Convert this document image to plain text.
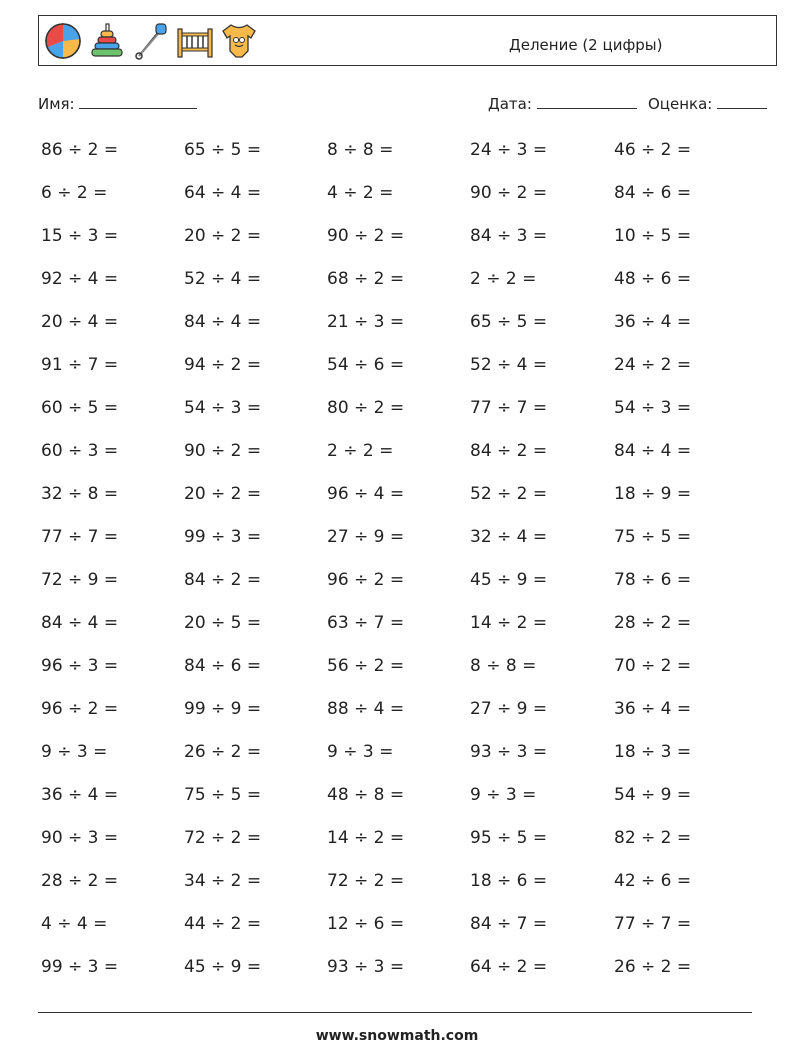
Деление (2 цифры)
Имя:	Дата:	Оценка:
86 ÷ 2 =	65 ÷ 5 =	8 ÷ 8 =	24 ÷ 3 =	46 ÷ 2 =
6 ÷ 2 =	64 ÷ 4 =	4 ÷ 2 =	90 ÷ 2 =	84 ÷ 6 =
15 ÷ 3 =	20 ÷ 2 =	90 ÷ 2 =	84 ÷ 3 =	10 ÷ 5 =
92 ÷ 4 =	52 ÷ 4 =	68 ÷ 2 =	2 ÷ 2 =	48 ÷ 6 =
20 ÷ 4 =	84 ÷ 4 =	21 ÷ 3 =	65 ÷ 5 =	36 ÷ 4 =
91 ÷ 7 =	94 ÷ 2 =	54 ÷ 6 =	52 ÷ 4 =	24 ÷ 2 =
60 ÷ 5 =	54 ÷ 3 =	80 ÷ 2 =	77 ÷ 7 =	54 ÷ 3 =
60 ÷ 3 =	90 ÷ 2 =	2 ÷ 2 =	84 ÷ 2 =	84 ÷ 4 =
32 ÷ 8 =	20 ÷ 2 =	96 ÷ 4 =	52 ÷ 2 =	18 ÷ 9 =
77 ÷ 7 =	99 ÷ 3 =	27 ÷ 9 =	32 ÷ 4 =	75 ÷ 5 =
72 ÷ 9 =	84 ÷ 2 =	96 ÷ 2 =	45 ÷ 9 =	78 ÷ 6 =
84 ÷ 4 =	20 ÷ 5 =	63 ÷ 7 =	14 ÷ 2 =	28 ÷ 2 =
96 ÷ 3 =	84 ÷ 6 =	56 ÷ 2 =	8 ÷ 8 =	70 ÷ 2 =
96 ÷ 2 =	99 ÷ 9 =	88 ÷ 4 =	27 ÷ 9 =	36 ÷ 4 =
9 ÷ 3 =	26 ÷ 2 =	9 ÷ 3 =	93 ÷ 3 =	18 ÷ 3 =
36 ÷ 4 =	75 ÷ 5 =	48 ÷ 8 =	9 ÷ 3 =	54 ÷ 9 =
90 ÷ 3 =	72 ÷ 2 =	14 ÷ 2 =	95 ÷ 5 =	82 ÷ 2 =
28 ÷ 2 =	34 ÷ 2 =	72 ÷ 2 =	18 ÷ 6 =	42 ÷ 6 =
4 ÷ 4 =	44 ÷ 2 =	12 ÷ 6 =	84 ÷ 7 =	77 ÷ 7 =
99 ÷ 3 =	45 ÷ 9 =	93 ÷ 3 =	64 ÷ 2 =	26 ÷ 2 =
www.snowmath.com
